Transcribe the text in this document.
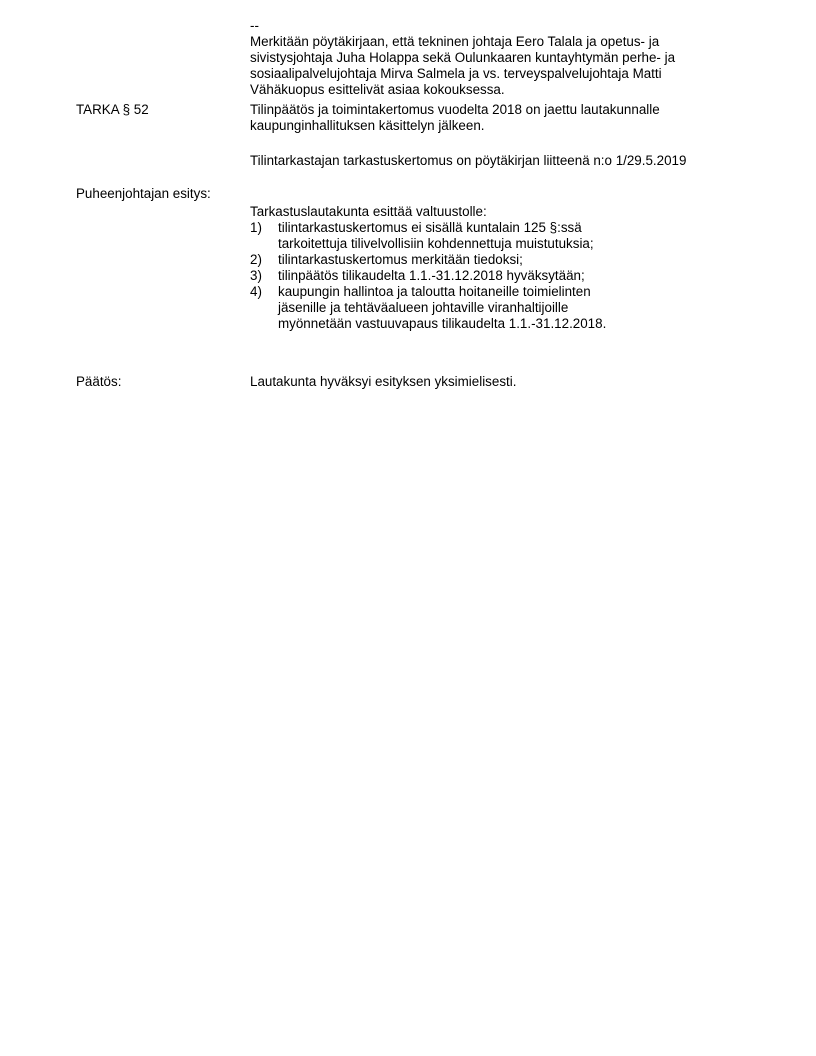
--
Merkitään pöytäkirjaan, että tekninen johtaja Eero Talala ja opetus- ja
sivistysjohtaja Juha Holappa sekä Oulunkaaren kuntayhtymän perhe- ja
sosiaalipalvelujohtaja Mirva Salmela ja vs. terveyspalvelujohtaja Matti
Vähäkuopus esittelivät asiaa kokouksessa.
TARKA § 52	Tilinpäätös ja toimintakertomus vuodelta 2018 on jaettu lautakunnalle
kaupunginhallituksen käsittelyn jälkeen.
Tilintarkastajan tarkastuskertomus on pöytäkirjan liitteenä n:o 1/29.5.2019
Puheenjohtajan esitys:
Tarkastuslautakunta esittää valtuustolle:
1)	tilintarkastuskertomus ei sisällä kuntalain 125 §:ssä
tarkoitettuja tilivelvollisiin kohdennettuja muistutuksia;
2)	tilintarkastuskertomus merkitään tiedoksi;
3)	tilinpäätös tilikaudelta 1.1.-31.12.2018 hyväksytään;
4)	kaupungin hallintoa ja taloutta hoitaneille toimielinten
jäsenille ja tehtäväalueen johtaville viranhaltijoille
myönnetään vastuuvapaus tilikaudelta 1.1.-31.12.2018.
Päätös:	Lautakunta hyväksyi esityksen yksimielisesti.
